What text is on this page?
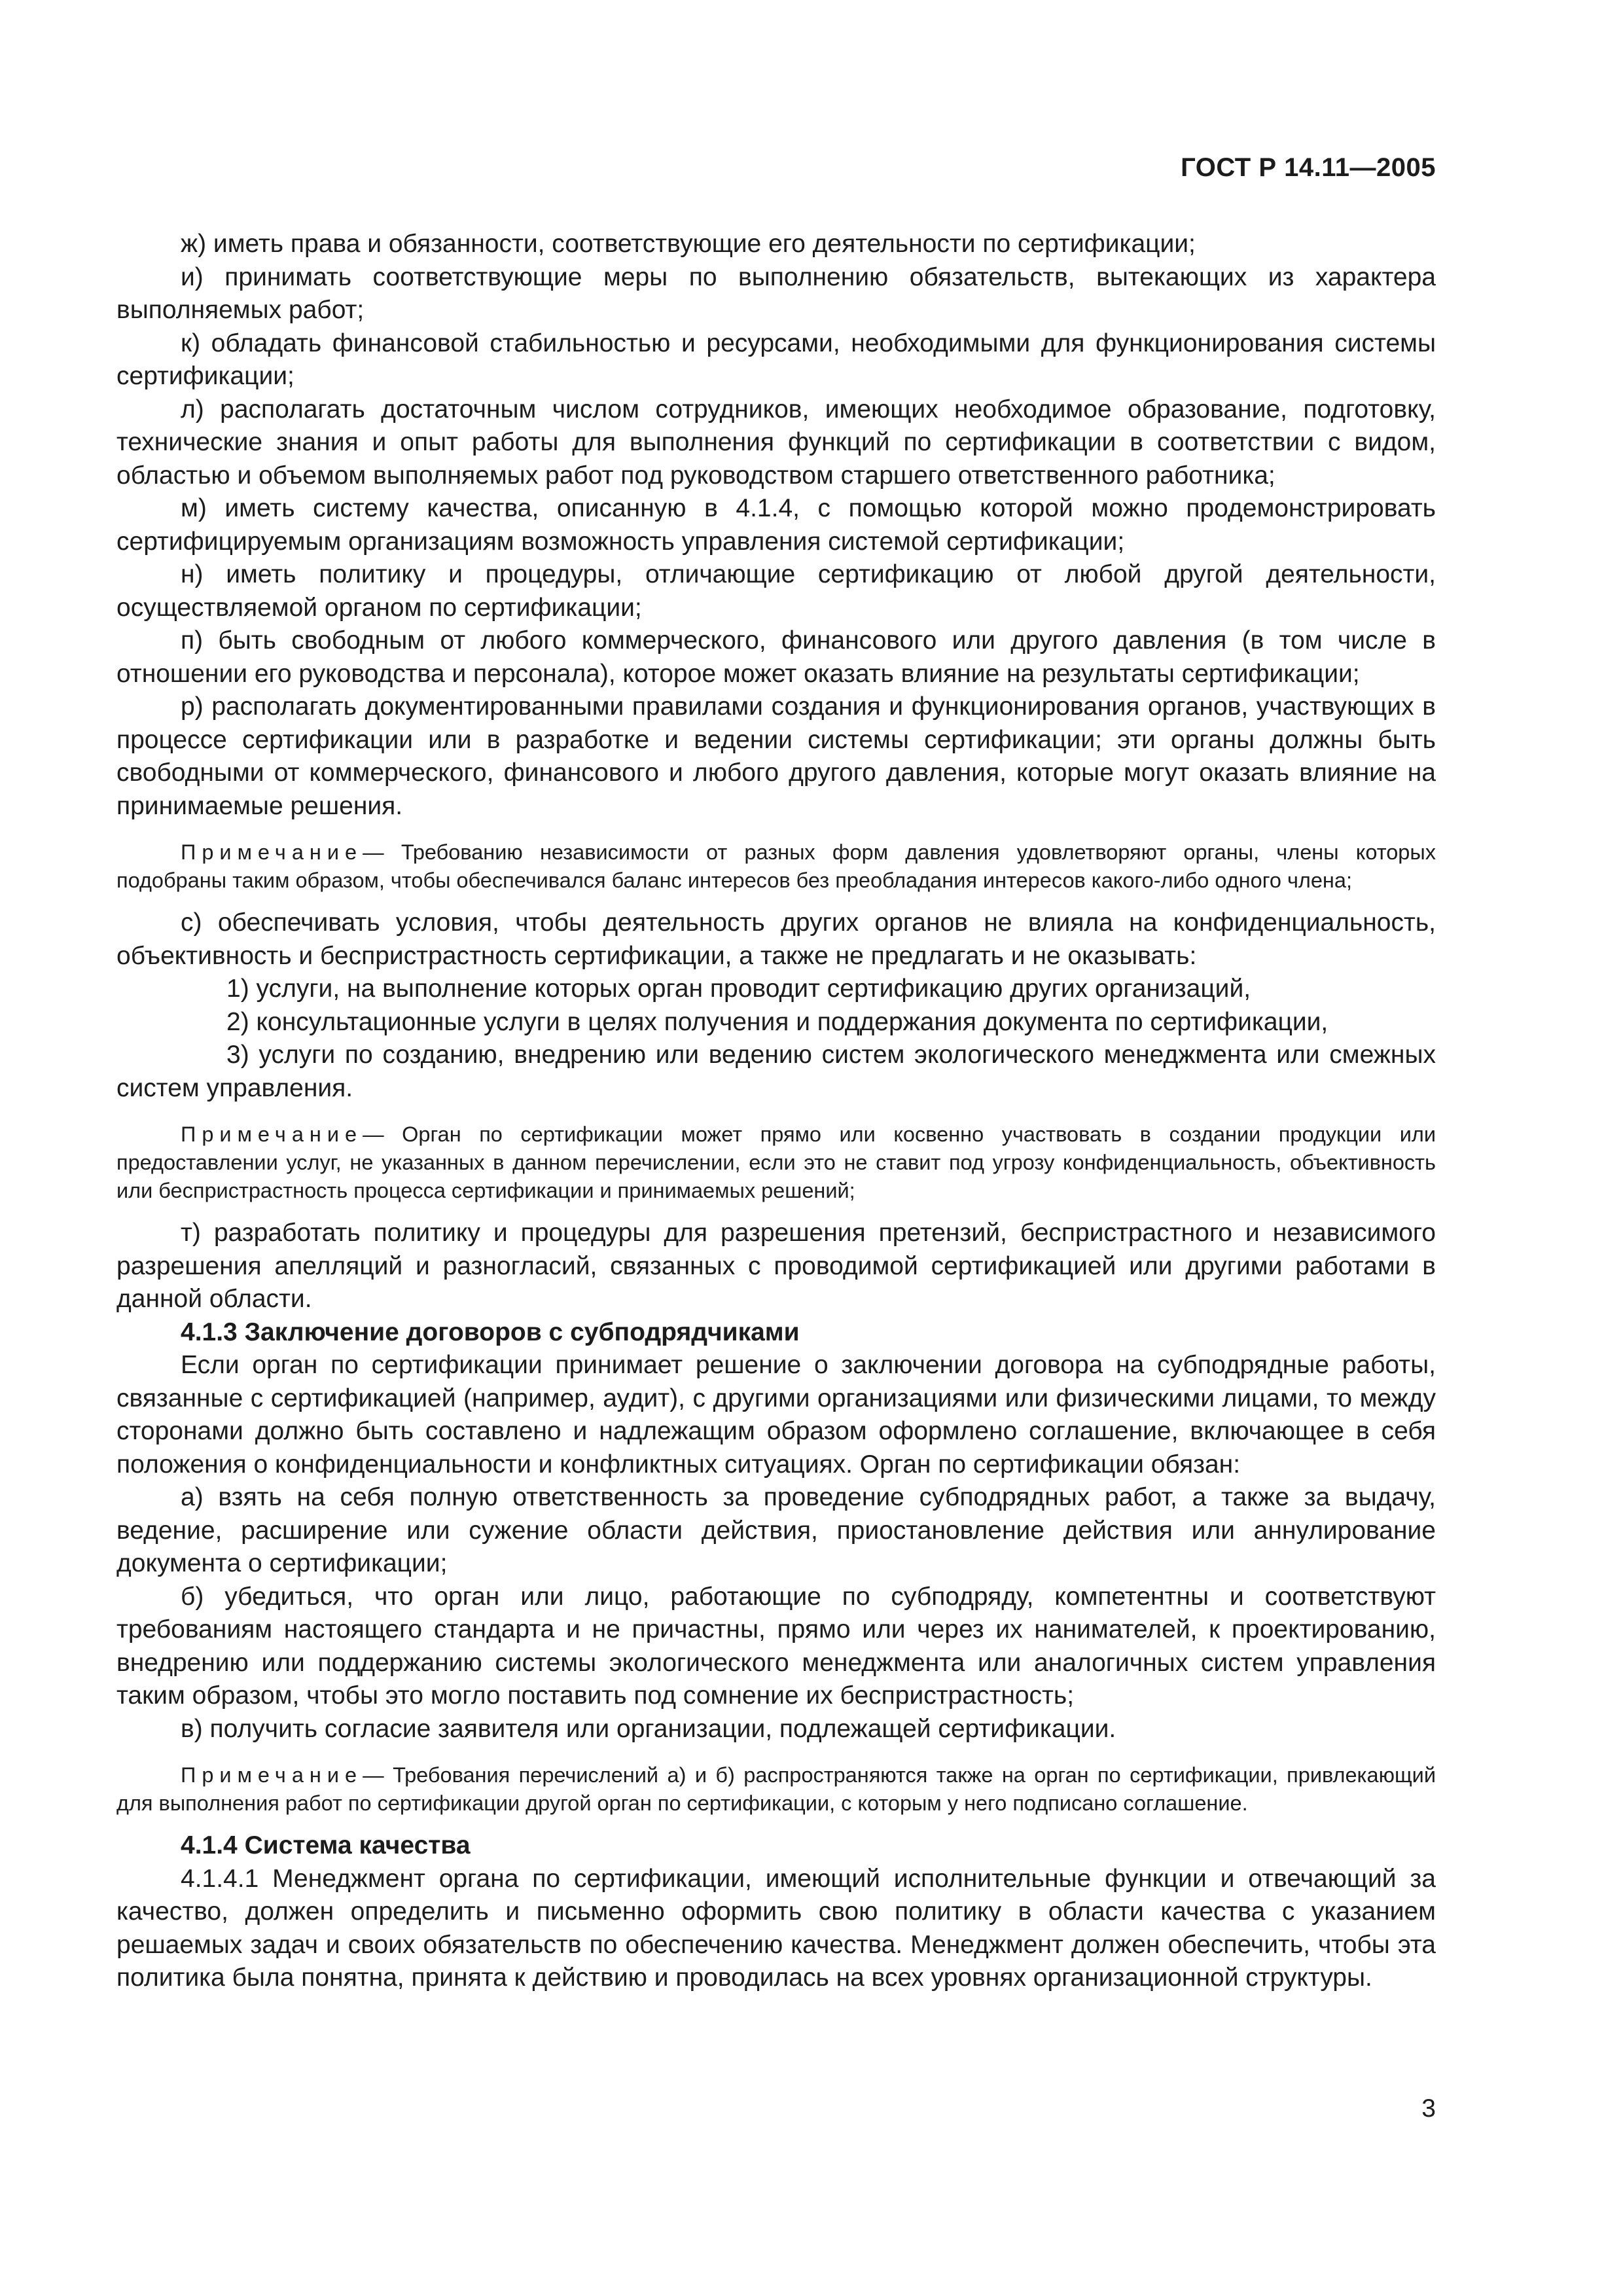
ГОСТ Р 14.11—2005

ж) иметь права и обязанности, соответствующие его деятельности по сертификации;

и) принимать соответствующие меры по выполнению обязательств, вытекающих из характера выполняемых работ;

к) обладать финансовой стабильностью и ресурсами, необходимыми для функционирования системы сертификации;

л) располагать достаточным числом сотрудников, имеющих необходимое образование, подготовку, технические знания и опыт работы для выполнения функций по сертификации в соответствии с видом, областью и объемом выполняемых работ под руководством старшего ответственного работника;

м) иметь систему качества, описанную в 4.1.4, с помощью которой можно продемонстрировать сертифицируемым организациям возможность управления системой сертификации;

н) иметь политику и процедуры, отличающие сертификацию от любой другой деятельности, осуществляемой органом по сертификации;

п) быть свободным от любого коммерческого, финансового или другого давления (в том числе в отношении его руководства и персонала), которое может оказать влияние на результаты сертификации;

р) располагать документированными правилами создания и функционирования органов, участвующих в процессе сертификации или в разработке и ведении системы сертификации; эти органы должны быть свободными от коммерческого, финансового и любого другого давления, которые могут оказать влияние на принимаемые решения.

Примечание— Требованию независимости от разных форм давления удовлетворяют органы, члены которых подобраны таким образом, чтобы обеспечивался баланс интересов без преобладания интересов какого-либо одного члена;

с) обеспечивать условия, чтобы деятельность других органов не влияла на конфиденциальность, объективность и беспристрастность сертификации, а также не предлагать и не оказывать:

1) услуги, на выполнение которых орган проводит сертификацию других организаций,

2) консультационные услуги в целях получения и поддержания документа по сертификации,

3) услуги по созданию, внедрению или ведению систем экологического менеджмента или смежных систем управления.

Примечание— Орган по сертификации может прямо или косвенно участвовать в создании продукции или предоставлении услуг, не указанных в данном перечислении, если это не ставит под угрозу конфиденциальность, объективность или беспристрастность процесса сертификации и принимаемых решений;

т) разработать политику и процедуры для разрешения претензий, беспристрастного и независимого разрешения апелляций и разногласий, связанных с проводимой сертификацией или другими работами в данной области.

4.1.3 Заключение договоров с субподрядчиками

Если орган по сертификации принимает решение о заключении договора на субподрядные работы, связанные с сертификацией (например, аудит), с другими организациями или физическими лицами, то между сторонами должно быть составлено и надлежащим образом оформлено соглашение, включающее в себя положения о конфиденциальности и конфликтных ситуациях. Орган по сертификации обязан:

а) взять на себя полную ответственность за проведение субподрядных работ, а также за выдачу, ведение, расширение или сужение области действия, приостановление действия или аннулирование документа о сертификации;

б) убедиться, что орган или лицо, работающие по субподряду, компетентны и соответствуют требованиям настоящего стандарта и не причастны, прямо или через их нанимателей, к проектированию, внедрению или поддержанию системы экологического менеджмента или аналогичных систем управления таким образом, чтобы это могло поставить под сомнение их беспристрастность;

в) получить согласие заявителя или организации, подлежащей сертификации.

Примечание— Требования перечислений а) и б) распространяются также на орган по сертификации, привлекающий для выполнения работ по сертификации другой орган по сертификации, с которым у него подписано соглашение.

4.1.4 Система качества

4.1.4.1 Менеджмент органа по сертификации, имеющий исполнительные функции и отвечающий за качество, должен определить и письменно оформить свою политику в области качества с указанием решаемых задач и своих обязательств по обеспечению качества. Менеджмент должен обеспечить, чтобы эта политика была понятна, принята к действию и проводилась на всех уровнях организационной структуры.

3
